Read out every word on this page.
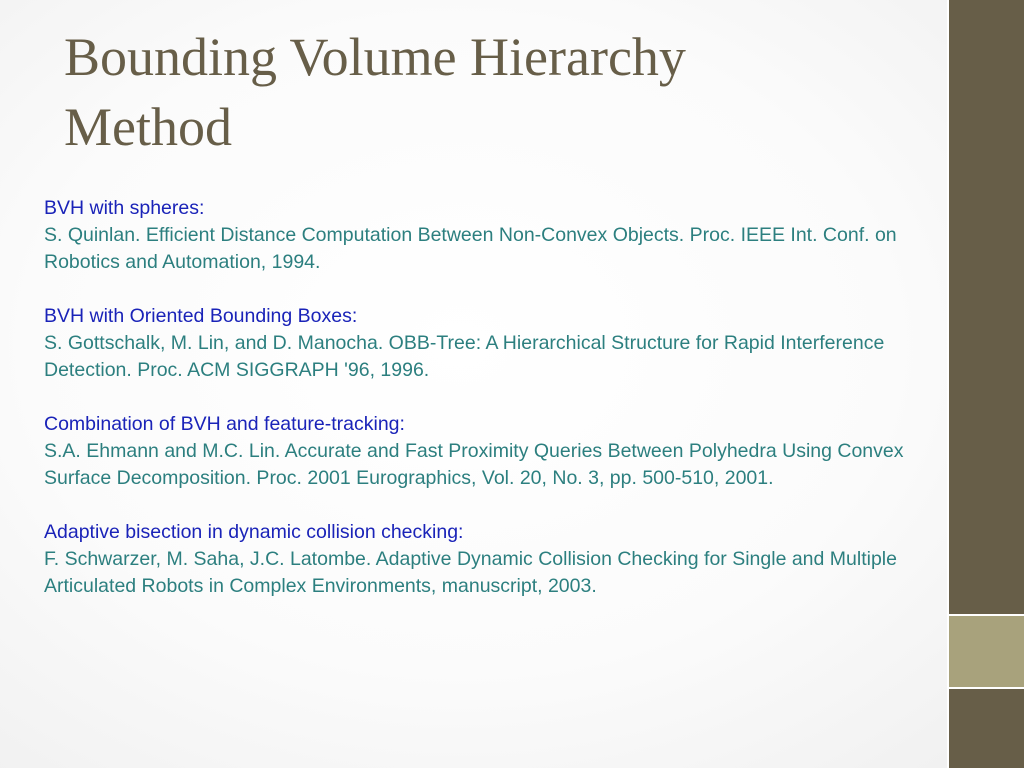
Bounding Volume Hierarchy
Method
BVH with spheres:
S. Quinlan. Efficient Distance Computation Between Non-Convex Objects. Proc. IEEE Int. Conf. on Robotics and Automation, 1994.
BVH with Oriented Bounding Boxes:
S. Gottschalk, M. Lin, and D. Manocha. OBB-Tree: A Hierarchical Structure for Rapid Interference Detection. Proc. ACM SIGGRAPH '96, 1996.
Combination of BVH and feature-tracking:
S.A. Ehmann and M.C. Lin. Accurate and Fast Proximity Queries Between Polyhedra Using Convex Surface Decomposition. Proc. 2001 Eurographics, Vol. 20, No. 3, pp. 500-510, 2001.
Adaptive bisection in dynamic collision checking:
F. Schwarzer, M. Saha, J.C. Latombe. Adaptive Dynamic Collision Checking for Single and Multiple Articulated Robots in Complex Environments, manuscript, 2003.
